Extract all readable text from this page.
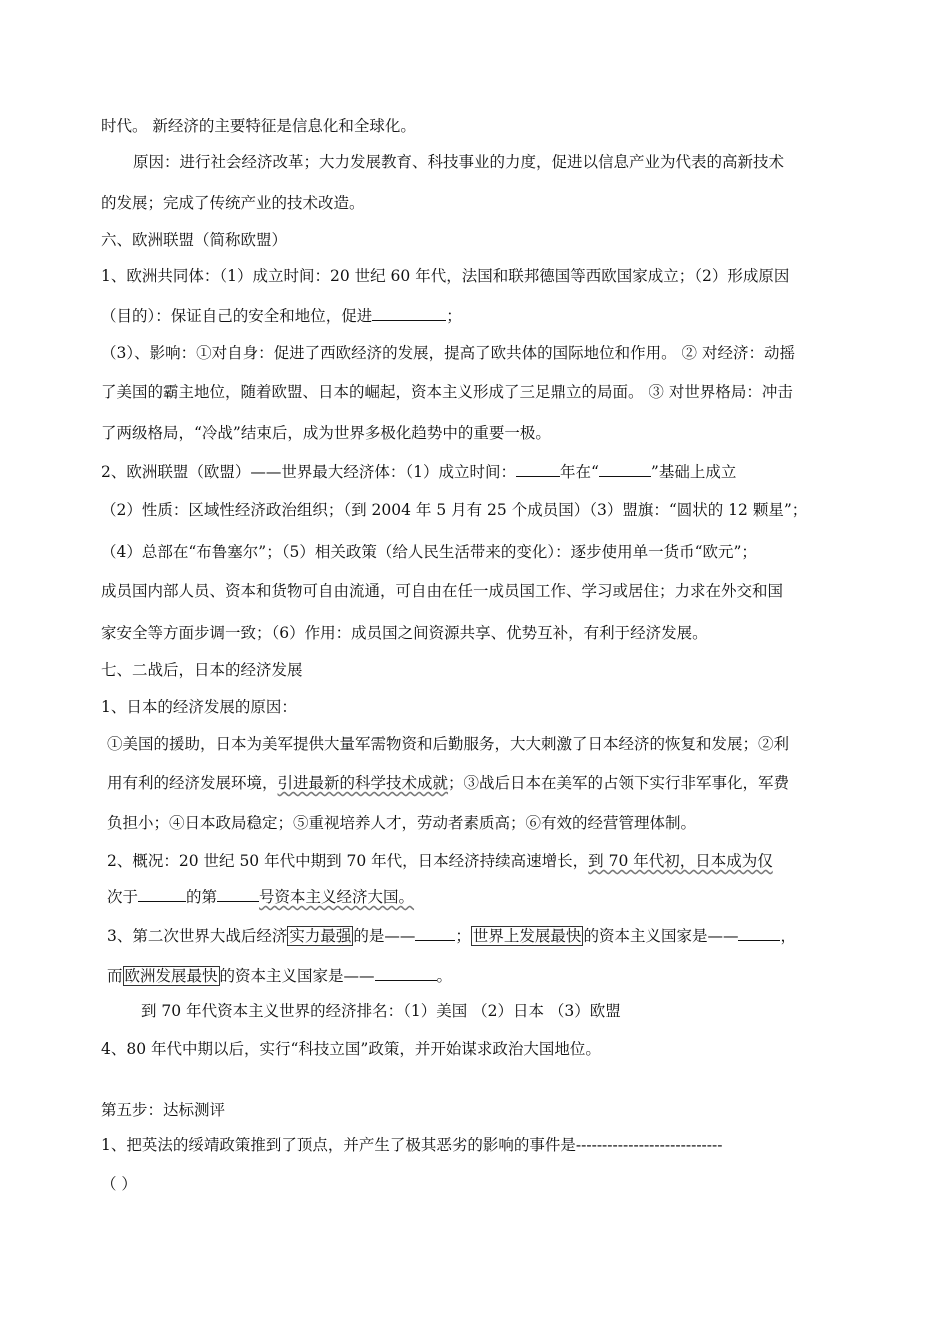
时代。 新经济的主要特征是信息化和全球化。
原因：进行社会经济改革；大力发展教育、科技事业的力度，促进以信息产业为代表的高新技术
的发展；完成了传统产业的技术改造。
六、欧洲联盟（简称欧盟）
1、欧洲共同体：（1）成立时间：20 世纪 60 年代，法国和联邦德国等西欧国家成立；（2）形成原因
（目的）：保证自己的安全和地位，促进	；
（3）、影响：①对自身：促进了西欧经济的发展，提高了欧共体的国际地位和作用。 ② 对经济：动摇
了美国的霸主地位，随着欧盟、日本的崛起，资本主义形成了三足鼎立的局面。 ③ 对世界格局：冲击
了两级格局，“冷战”结束后，成为世界多极化趋势中的重要一极。
2、欧洲联盟（欧盟）——世界最大经济体：（1）成立时间：	年在“	”基础上成立
（2）性质：区域性经济政治组织；（到 2004 年 5 月有 25 个成员国）（3）盟旗：“圆状的 12 颗星”；
（4）总部在“布鲁塞尔”；（5）相关政策（给人民生活带来的变化）：逐步使用单一货币“欧元”；
成员国内部人员、资本和货物可自由流通，可自由在任一成员国工作、学习或居住；力求在外交和国
家安全等方面步调一致；（6）作用：成员国之间资源共享、优势互补，有利于经济发展。
七、二战后，日本的经济发展
1、日本的经济发展的原因：
①美国的援助，日本为美军提供大量军需物资和后勤服务，大大刺激了日本经济的恢复和发展；②利
用有利的经济发展环境，引进最新的科学技术成就；③战后日本在美军的占领下实行非军事化，军费
负担小；④日本政局稳定；⑤重视培养人才，劳动者素质高；⑥有效的经营管理体制。
2、概况：20 世纪 50 年代中期到 70 年代，日本经济持续高速增长，到 70 年代初，日本成为仅
次于	的第	号资本主义经济大国。
3、第二次世界大战后经济 实力最强 的是——	； 世界上发展最快 的资本主义国家是——	，
而 欧洲发展最快 的资本主义国家是——	。
到 70 年代资本主义世界的经济排名：（1）美国 （2）日本 （3）欧盟
4、80 年代中期以后，实行“科技立国”政策，并开始谋求政治大国地位。
第五步：达标测评
1、把英法的绥靖政策推到了顶点，并产生了极其恶劣的影响的事件是----------------------------
（ ）
